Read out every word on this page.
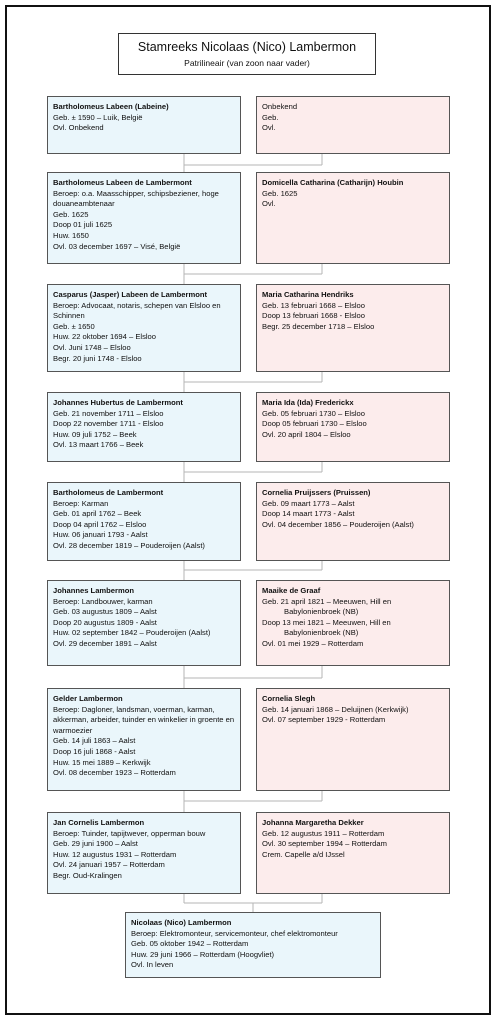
Stamreeks Nicolaas (Nico) Lambermon
Patrilineair (van zoon naar vader)
Bartholomeus Labeen (Labeine)
Geb. ± 1590 – Luik, België
Ovl. Onbekend
Onbekend
Geb.
Ovl.
Bartholomeus Labeen de Lambermont
Beroep: o.a. Maasschipper, schipsbeziener, hoge douaneambtenaar
Geb. 1625
Doop 01 juli 1625
Huw. 1650
Ovl. 03 december 1697 – Visé, België
Domicella Catharina (Catharijn) Houbin
Geb. 1625
Ovl.
Casparus (Jasper) Labeen de Lambermont
Beroep: Advocaat, notaris, schepen van Elsloo en Schinnen
Geb. ± 1650
Huw. 22 oktober 1694 – Elsloo
Ovl. Juni 1748 – Elsloo
Begr. 20 juni 1748 - Elsloo
Maria Catharina Hendriks
Geb. 13 februari 1668 – Elsloo
Doop 13 februari 1668 - Elsloo
Begr. 25 december 1718 – Elsloo
Johannes Hubertus de Lambermont
Geb. 21 november 1711 – Elsloo
Doop 22 november 1711 - Elsloo
Huw. 09 juli 1752 – Beek
Ovl. 13 maart 1766 – Beek
Maria Ida (Ida) Frederickx
Geb. 05 februari 1730 – Elsloo
Doop 05 februari 1730 – Elsloo
Ovl. 20 april 1804 – Elsloo
Bartholomeus de Lambermont
Beroep: Karman
Geb. 01 april 1762 – Beek
Doop 04 april 1762 – Elsloo
Huw. 06 januari 1793 - Aalst
Ovl. 28 december 1819 – Pouderoijen (Aalst)
Cornelia Pruijssers (Pruissen)
Geb. 09 maart 1773 – Aalst
Doop 14 maart 1773 - Aalst
Ovl. 04 december 1856 – Pouderoijen (Aalst)
Johannes Lambermon
Beroep: Landbouwer, karman
Geb. 03 augustus 1809 – Aalst
Doop 20 augustus 1809 - Aalst
Huw. 02 september 1842 – Pouderoijen (Aalst)
Ovl. 29 december 1891 – Aalst
Maaike de Graaf
Geb. 21 april 1821 – Meeuwen, Hill en
Babylonienbroek (NB)
Doop 13 mei 1821 – Meeuwen, Hill en
Babylonienbroek (NB)
Ovl. 01 mei 1929 – Rotterdam
Gelder Lambermon
Beroep: Dagloner, landsman, voerman, karman, akkerman, arbeider, tuinder en winkelier in groente en warmoezier
Geb. 14 juli 1863 – Aalst
Doop 16 juli 1868 - Aalst
Huw. 15 mei 1889 – Kerkwijk
Ovl. 08 december 1923 – Rotterdam
Cornelia Slegh
Geb. 14 januari 1868 – Deluijnen (Kerkwijk)
Ovl. 07 september 1929 - Rotterdam
Jan Cornelis Lambermon
Beroep: Tuinder, tapijtwever, opperman bouw
Geb. 29 juni 1900 – Aalst
Huw. 12 augustus 1931 – Rotterdam
Ovl. 24 januari 1957 – Rotterdam
Begr. Oud-Kralingen
Johanna Margaretha Dekker
Geb. 12 augustus 1911 – Rotterdam
Ovl. 30 september 1994 – Rotterdam
Crem. Capelle a/d IJssel
Nicolaas (Nico) Lambermon
Beroep: Elektromonteur, servicemonteur, chef elektromonteur
Geb. 05 oktober 1942 – Rotterdam
Huw. 29 juni 1966 – Rotterdam (Hoogvliet)
Ovl. In leven
